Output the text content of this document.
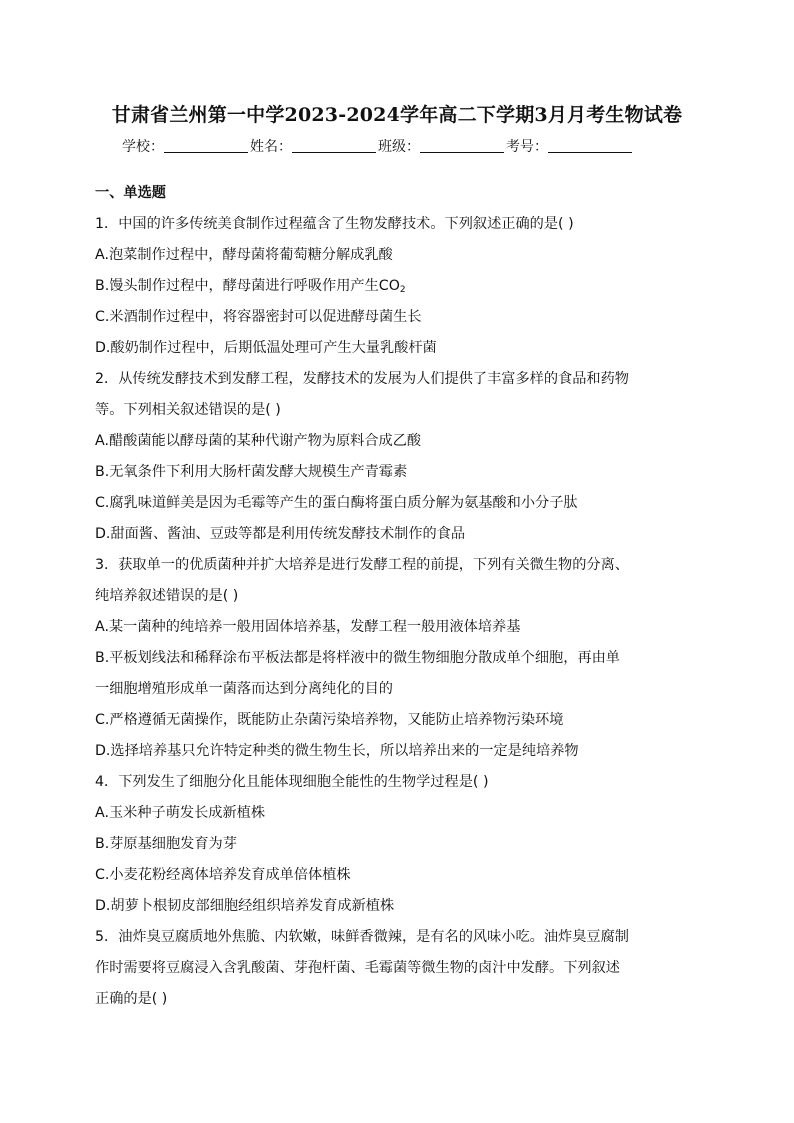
甘肃省兰州第一中学2023-2024学年高二下学期3月月考生物试卷
学校：	姓名：	班级：	考号：
一、单选题
1．中国的许多传统美食制作过程蕴含了生物发酵技术。下列叙述正确的是( )
A.泡菜制作过程中，酵母菌将葡萄糖分解成乳酸
B.馒头制作过程中，酵母菌进行呼吸作用产生$CO_2$
C.米酒制作过程中，将容器密封可以促进酵母菌生长
D.酸奶制作过程中，后期低温处理可产生大量乳酸杆菌
2．从传统发酵技术到发酵工程，发酵技术的发展为人们提供了丰富多样的食品和药物
等。下列相关叙述错误的是( )
A.醋酸菌能以酵母菌的某种代谢产物为原料合成乙酸
B.无氧条件下利用大肠杆菌发酵大规模生产青霉素
C.腐乳味道鲜美是因为毛霉等产生的蛋白酶将蛋白质分解为氨基酸和小分子肽
D.甜面酱、酱油、豆豉等都是利用传统发酵技术制作的食品
3．获取单一的优质菌种并扩大培养是进行发酵工程的前提，下列有关微生物的分离、
纯培养叙述错误的是( )
A.某一菌种的纯培养一般用固体培养基，发酵工程一般用液体培养基
B.平板划线法和稀释涂布平板法都是将样液中的微生物细胞分散成单个细胞，再由单
一细胞增殖形成单一菌落而达到分离纯化的目的
C.严格遵循无菌操作，既能防止杂菌污染培养物，又能防止培养物污染环境
D.选择培养基只允许特定种类的微生物生长，所以培养出来的一定是纯培养物
4．下列发生了细胞分化且能体现细胞全能性的生物学过程是( )
A.玉米种子萌发长成新植株
B.芽原基细胞发育为芽
C.小麦花粉经离体培养发育成单倍体植株
D.胡萝卜根韧皮部细胞经组织培养发育成新植株
5．油炸臭豆腐质地外焦脆、内软嫩，味鲜香微辣，是有名的风味小吃。油炸臭豆腐制
作时需要将豆腐浸入含乳酸菌、芽孢杆菌、毛霉菌等微生物的卤汁中发酵。下列叙述
正确的是( )
